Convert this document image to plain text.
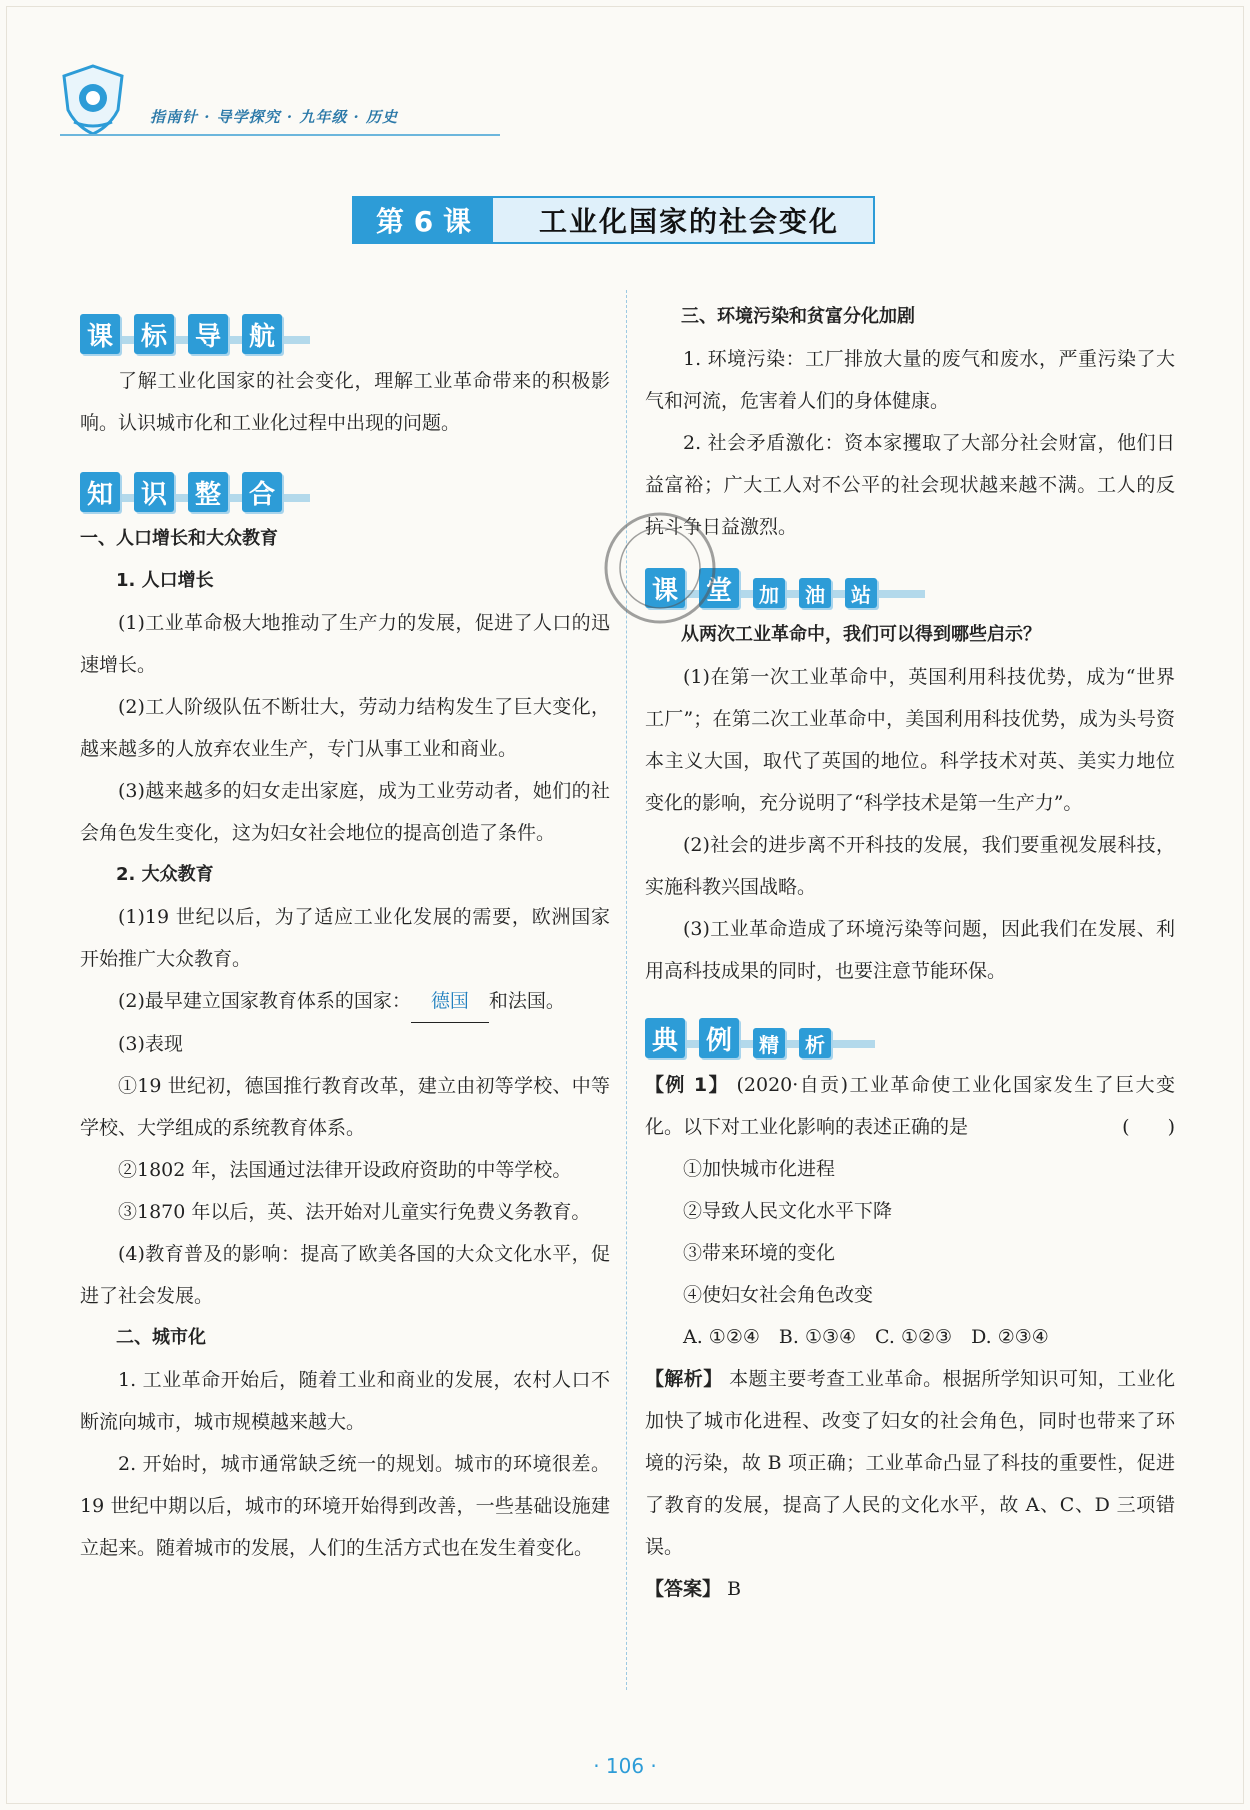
指南针 · 导学探究 · 九年级 · 历史
第 6 课	工业化国家的社会变化
课 标 导 航

了解工业化国家的社会变化，理解工业革命带来的积极影响。认识城市化和工业化过程中出现的问题。

知 识 整 合

一、人口增长和大众教育

1. 人口增长

(1)工业革命极大地推动了生产力的发展，促进了人口的迅速增长。

(2)工人阶级队伍不断壮大，劳动力结构发生了巨大变化，越来越多的人放弃农业生产，专门从事工业和商业。

(3)越来越多的妇女走出家庭，成为工业劳动者，她们的社会角色发生变化，这为妇女社会地位的提高创造了条件。

2. 大众教育

(1)19 世纪以后，为了适应工业化发展的需要，欧洲国家开始推广大众教育。

(2)最早建立国家教育体系的国家： 德国 和法国。

(3)表现

①19 世纪初，德国推行教育改革，建立由初等学校、中等学校、大学组成的系统教育体系。

②1802 年，法国通过法律开设政府资助的中等学校。

③1870 年以后，英、法开始对儿童实行免费义务教育。

(4)教育普及的影响：提高了欧美各国的大众文化水平，促进了社会发展。

二、城市化

1. 工业革命开始后，随着工业和商业的发展，农村人口不断流向城市，城市规模越来越大。

2. 开始时，城市通常缺乏统一的规划。城市的环境很差。19 世纪中期以后，城市的环境开始得到改善，一些基础设施建立起来。随着城市的发展，人们的生活方式也在发生着变化。

三、环境污染和贫富分化加剧

1. 环境污染：工厂排放大量的废气和废水，严重污染了大气和河流，危害着人们的身体健康。

2. 社会矛盾激化：资本家攫取了大部分社会财富，他们日益富裕；广大工人对不公平的社会现状越来越不满。工人的反抗斗争日益激烈。

课 堂	加	油	站

从两次工业革命中，我们可以得到哪些启示？

(1)在第一次工业革命中，英国利用科技优势，成为“世界工厂”；在第二次工业革命中，美国利用科技优势，成为头号资本主义大国，取代了英国的地位。科学技术对英、美实力地位变化的影响，充分说明了“科学技术是第一生产力”。

(2)社会的进步离不开科技的发展，我们要重视发展科技，实施科教兴国战略。

(3)工业革命造成了环境污染等问题，因此我们在发展、利用高科技成果的同时，也要注意节能环保。

典 例	精	析

【例 1】 (2020·自贡)工业革命使工业化国家发生了巨大变化。以下对工业化影响的表述正确的是	(　　)

①加快城市化进程

②导致人民文化水平下降

③带来环境的变化

④使妇女社会角色改变

A. ①②④　B. ①③④　C. ①②③　D. ②③④

【解析】 本题主要考查工业革命。根据所学知识可知，工业化加快了城市化进程、改变了妇女的社会角色，同时也带来了环境的污染，故 B 项正确；工业革命凸显了科技的重要性，促进了教育的发展，提高了人民的文化水平，故 A、C、D 三项错误。

【答案】 B

· 106 ·
